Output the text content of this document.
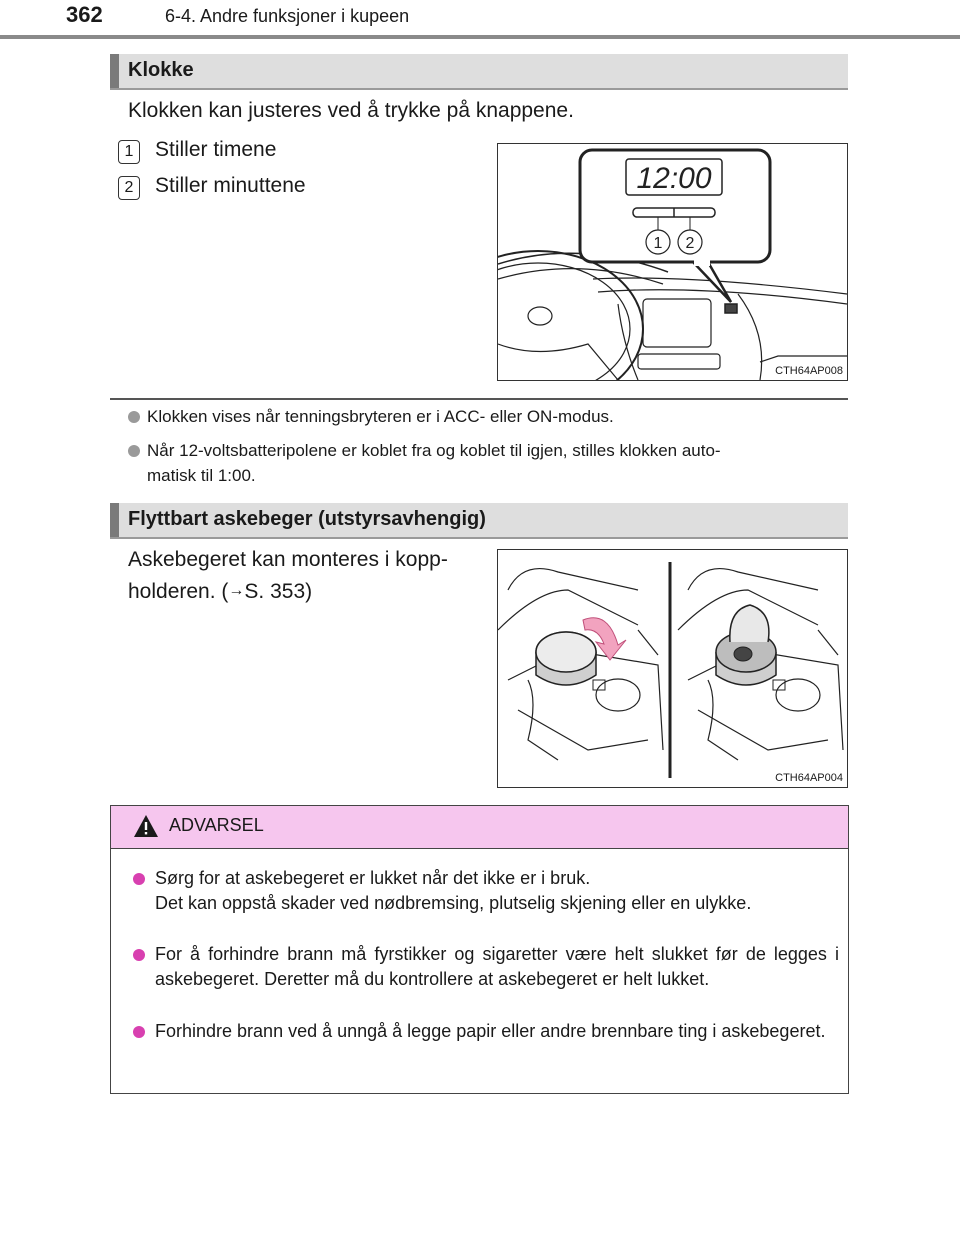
362	6-4. Andre funksjoner i kupeen
Klokke
Klokken kan justeres ved å trykke på knappene.
1	Stiller timene
2	Stiller minuttene	12:00
1 2
CTH64AP008
Klokken vises når tenningsbryteren er i ACC- eller ON-modus.
Når 12-voltsbatteripolene er koblet fra og koblet til igjen, stilles klokken auto-
matisk til 1:00.
Flyttbart askebeger (utstyrsavhengig)
Askebegeret kan monteres i kopp-
holderen. (→S. 353)
CTH64AP004
ADVARSEL
Sørg for at askebegeret er lukket når det ikke er i bruk.
Det kan oppstå skader ved nødbremsing, plutselig skjening eller en ulykke.
For å forhindre brann må fyrstikker og sigaretter være helt slukket før de legges i askebegeret. Deretter må du kontrollere at askebegeret er helt lukket.
Forhindre brann ved å unngå å legge papir eller andre brennbare ting i askebegeret.
